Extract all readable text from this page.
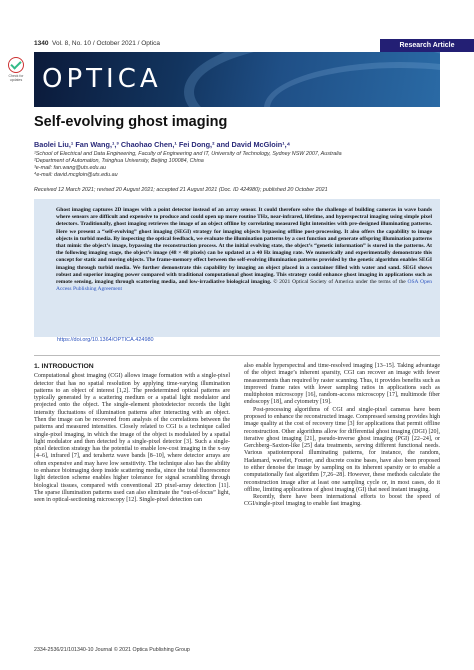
1340 Vol. 8, No. 10 / October 2021 / Optica	Research Article
Check for updates OPTICA
Self-evolving ghost imaging
Baolei Liu,¹ Fan Wang,¹,³ Chaohao Chen,¹ Fei Dong,² and David McGloin¹,⁴

¹School of Electrical and Data Engineering, Faculty of Engineering and IT, University of Technology, Sydney NSW 2007, Australia

²Department of Automation, Tsinghua University, Beijing 100084, China

³e-mail: fan.wang@uts.edu.au

⁴e-mail: david.mcgloin@uts.edu.au

Received 12 March 2021; revised 20 August 2021; accepted 21 August 2021 (Doc. ID 424980); published 20 October 2021

Ghost imaging captures 2D images with a point detector instead of an array sensor. It could therefore solve the challenge of building cameras in wave bands where sensors are difficult and expensive to produce and could open up more routine THz, near-infrared, lifetime, and hyperspectral imaging using simple pixel detectors. Traditionally, ghost imaging retrieves the image of an object offline by correlating measured light intensities with pre-designed illuminating patterns. Here we present a “self-evolving” ghost imaging (SEGI) strategy for imaging objects bypassing offline post-processing. It also offers the capability to image objects in turbid media. By inspecting the optical feedback, we evaluate the illumination patterns by a cost function and generate offspring illumination patterns that mimic the object’s image, bypassing the reconstruction process. At the initial evolving state, the object’s “genetic information” is stored in the patterns. At the following imaging stage, the object’s image (48 × 48 pixels) can be updated at a 40 Hz imaging rate. We numerically and experimentally demonstrate this concept for static and moving objects. The frame-memory effect between the self-evolving illumination patterns provided by the genetic algorithm enables SEGI imaging through turbid media. We further demonstrate this capability by imaging an object placed in a container filled with water and sand. SEGI shows robust and superior imaging power compared with traditional computational ghost imaging. This strategy could enhance ghost imaging in applications such as remote sensing, imaging through scattering media, and low-irradiative biological imaging. © 2021 Optical Society of America under the terms of the OSA Open Access Publishing Agreement

https://doi.org/10.1364/OPTICA.424980
1. INTRODUCTION

Computational ghost imaging (CGI) allows image formation with a single-pixel detector that has no spatial resolution by applying time-varying illumination patterns to an object of interest [1,2]. The predetermined optical patterns are typically generated by a scattering medium or a spatial light modulator and projected onto the object. The single-element photodetector records the light intensity fluctuations of illumination patterns after interacting with an object. Then the image can be recovered from analysis of the correlations between the patterns and measured intensities. Closely related to CGI is a technique called single-pixel imaging, in which the image of the object is modulated by a spatial light modulator and then detected by a single-pixel detector [3]. Such a single-pixel detection strategy has the potential to enable low-cost imaging in the x-ray [4–6], infrared [7], and terahertz wave bands [8–10], where detector arrays are often expensive and may have low sensitivity. The technique also has the ability to enhance bioimaging deep inside scattering media, since the total fluorescence light detection scheme enables higher tolerance for signal scrambling through biological tissues, compared with conventional 2D pixel-array detection [11]. The sparse illumination patterns used can also eliminate the “out-of-focus” light, seen in optical-sectioning microscopy [12]. Single-pixel detection can

also enable hyperspectral and time-resolved imaging [13–15]. Taking advantage of the object image’s inherent sparsity, CGI can recover an image with fewer measurements than required by raster scanning. Thus, it provides benefits such as improved frame rates with lower sampling ratios in applications such as multiphoton microscopy [16], random-access microscopy [17], multimode fiber endoscopy [18], and cytometry [19].

Post-processing algorithms of CGI and single-pixel cameras have been proposed to enhance the reconstructed image. Compressed sensing provides high image quality at the cost of recovery time [3] for applications that permit offline reconstruction. Other algorithms allow for differential ghost imaging (DGI) [20], iterative ghost imaging [21], pseudo-inverse ghost imaging (PGI) [22–24], or Gerchberg–Saxton-like [25] data treatments, serving different functional needs. Various spatiotemporal illuminating patterns, for instance, the random, Hadamard, wavelet, Fourier, and discrete cosine bases, have also been proposed to either denoise the image by sampling on its inherent sparsity or to enable a computationally fast algorithm [7,26–28]. However, these methods calculate the reconstruction image after at least one sampling cycle or, in most cases, do it offline, limiting applications of ghost imaging (GI) that need instant imaging.

Recently, there have been international efforts to boost the speed of CGI/single-pixel imaging to enable fast imaging.

2334-2536/21/101340-10 Journal © 2021 Optica Publishing Group
